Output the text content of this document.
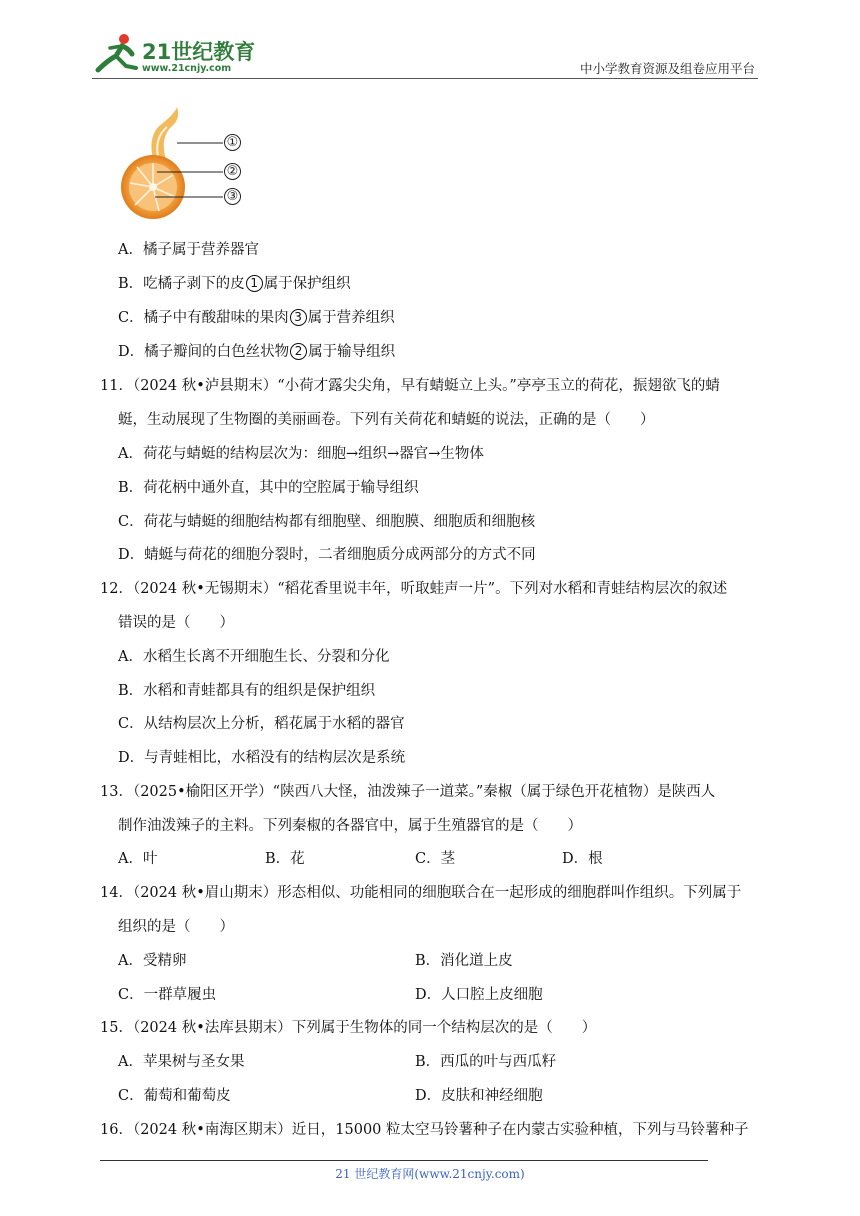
21世纪教育
www.21cnjy.com	中小学教育资源及组卷应用平台
①
②
③
A．橘子属于营养器官
B．吃橘子剥下的皮 1 属于保护组织
C．橘子中有酸甜味的果肉 3 属于营养组织
D．橘子瓣间的白色丝状物 2 属于输导组织
11．（2024 秋•泸县期末）“小荷才露尖尖角，早有蜻蜓立上头。”亭亭玉立的荷花，振翅欲飞的蜻
蜓，生动展现了生物圈的美丽画卷。下列有关荷花和蜻蜓的说法，正确的是（　　）
A．荷花与蜻蜓的结构层次为：细胞→组织→器官→生物体
B．荷花柄中通外直，其中的空腔属于输导组织
C．荷花与蜻蜓的细胞结构都有细胞壁、细胞膜、细胞质和细胞核
D．蜻蜓与荷花的细胞分裂时，二者细胞质分成两部分的方式不同
12．（2024 秋•无锡期末）“稻花香里说丰年，听取蛙声一片”。下列对水稻和青蛙结构层次的叙述
错误的是（　　）
A．水稻生长离不开细胞生长、分裂和分化
B．水稻和青蛙都具有的组织是保护组织
C．从结构层次上分析，稻花属于水稻的器官
D．与青蛙相比，水稻没有的结构层次是系统
13．（2025•榆阳区开学）“陕西八大怪，油泼辣子一道菜。”秦椒（属于绿色开花植物）是陕西人
制作油泼辣子的主料。下列秦椒的各器官中，属于生殖器官的是（　　）
A．叶	B．花	C．茎	D．根
14．（2024 秋•眉山期末）形态相似、功能相同的细胞联合在一起形成的细胞群叫作组织。下列属于
组织的是（　　）
A．受精卵	B．消化道上皮
C．一群草履虫	D．人口腔上皮细胞
15．（2024 秋•法库县期末）下列属于生物体的同一个结构层次的是（　　）
A．苹果树与圣女果	B．西瓜的叶与西瓜籽
C．葡萄和葡萄皮	D．皮肤和神经细胞
16．（2024 秋•南海区期末）近日，15000 粒太空马铃薯种子在内蒙古实验种植，下列与马铃薯种子
21 世纪教育网(www.21cnjy.com)
